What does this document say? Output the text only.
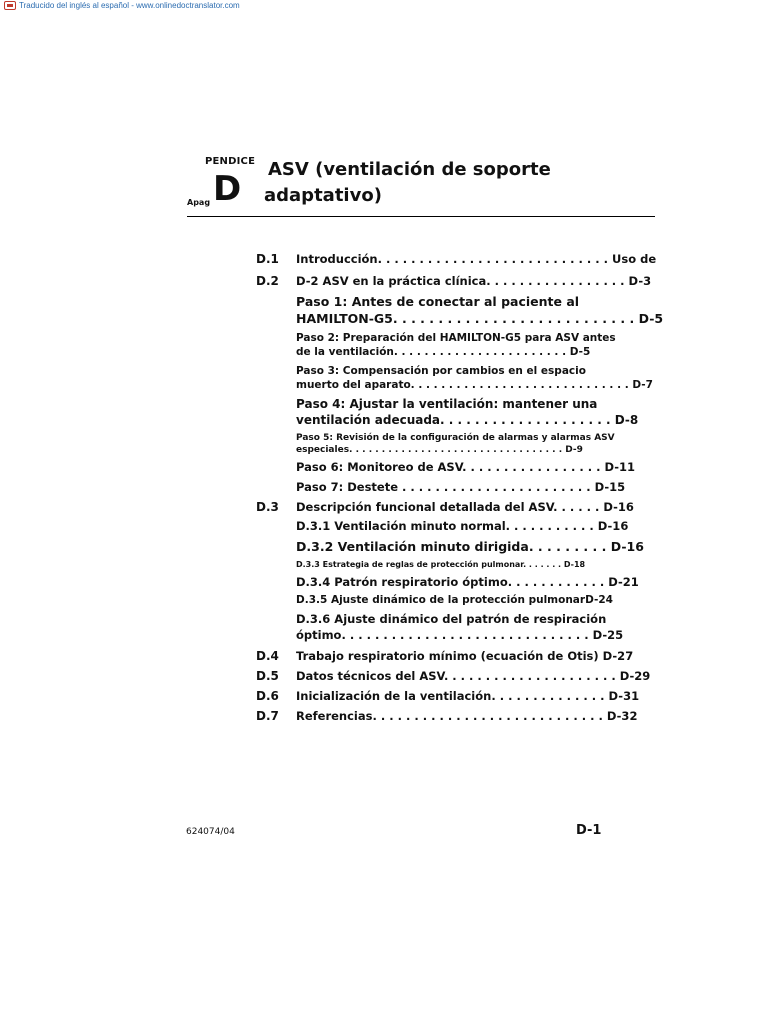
Traducido del inglés al español - www.onlinedoctranslator.com
PENDICE
Apag D ASV (ventilación de soporte
adaptativo)
D.1	Introducción. . . . . . . . . . . . . . . . . . . . . . . . . . . . Uso de
D.2	D-2 ASV en la práctica clínica. . . . . . . . . . . . . . . . . D-3
Paso 1: Antes de conectar al paciente al
HAMILTON-G5. . . . . . . . . . . . . . . . . . . . . . . . . . . D-5
Paso 2: Preparación del HAMILTON-G5 para ASV antes
de la ventilación. . . . . . . . . . . . . . . . . . . . . . . D-5
Paso 3: Compensación por cambios en el espacio
muerto del aparato. . . . . . . . . . . . . . . . . . . . . . . . . . . . . D-7
Paso 4: Ajustar la ventilación: mantener una
ventilación adecuada. . . . . . . . . . . . . . . . . . . . D-8
Paso 5: Revisión de la configuración de alarmas y alarmas ASV
especiales. . . . . . . . . . . . . . . . . . . . . . . . . . . . . . . . . D-9
Paso 6: Monitoreo de ASV. . . . . . . . . . . . . . . . . D-11
Paso 7: Destete . . . . . . . . . . . . . . . . . . . . . . . D-15
D.3	Descripción funcional detallada del ASV. . . . . . D-16
D.3.1 Ventilación minuto normal. . . . . . . . . . . D-16
D.3.2 Ventilación minuto dirigida. . . . . . . . . D-16
D.3.3 Estrategia de reglas de protección pulmonar. . . . . . . D-18
D.3.4 Patrón respiratorio óptimo. . . . . . . . . . . . D-21
D.3.5 Ajuste dinámico de la protección pulmonarD-24
D.3.6 Ajuste dinámico del patrón de respiración
óptimo. . . . . . . . . . . . . . . . . . . . . . . . . . . . . . D-25
D.4	Trabajo respiratorio mínimo (ecuación de Otis) D-27
D.5	Datos técnicos del ASV. . . . . . . . . . . . . . . . . . . . . D-29
D.6	Inicialización de la ventilación. . . . . . . . . . . . . . D-31
D.7	Referencias. . . . . . . . . . . . . . . . . . . . . . . . . . . . D-32
624074/04	D-1
